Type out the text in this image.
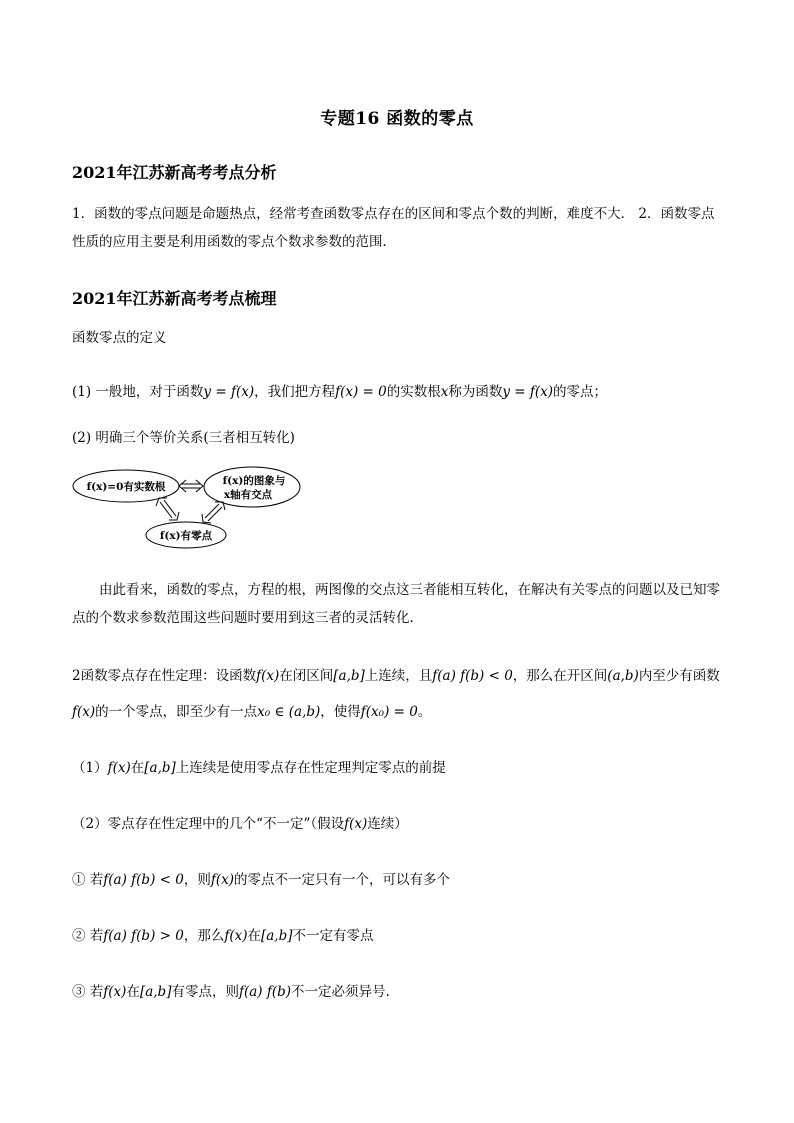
专题16 函数的零点
2021年江苏新高考考点分析
1．函数的零点问题是命题热点，经常考查函数零点存在的区间和零点个数的判断，难度不大． 2．函数零点性质的应用主要是利用函数的零点个数求参数的范围．
2021年江苏新高考考点梳理
函数零点的定义
(1) 一般地，对于函数y = f(x)，我们把方程f(x) = 0的实数根x称为函数y = f(x)的零点；
(2) 明确三个等价关系(三者相互转化)
f(x)=0有实数根	f(x)的图象与
x轴有交点
f(x)有零点
由此看来，函数的零点，方程的根，两图像的交点这三者能相互转化，在解决有关零点的问题以及已知零点的个数求参数范围这些问题时要用到这三者的灵活转化．
2函数零点存在性定理：设函数f(x)在闭区间[a,b]上连续，且f(a) f(b) < 0，那么在开区间(a,b)内至少有函数f(x)的一个零点，即至少有一点x₀ ∈ (a,b)，使得f(x₀) = 0。
（1）f(x)在[a,b]上连续是使用零点存在性定理判定零点的前提
（2）零点存在性定理中的几个“不一定”（假设f(x)连续）
① 若f(a) f(b) < 0，则f(x)的零点不一定只有一个，可以有多个
② 若f(a) f(b) > 0，那么f(x)在[a,b]不一定有零点
③ 若f(x)在[a,b]有零点，则f(a) f(b)不一定必须异号.
